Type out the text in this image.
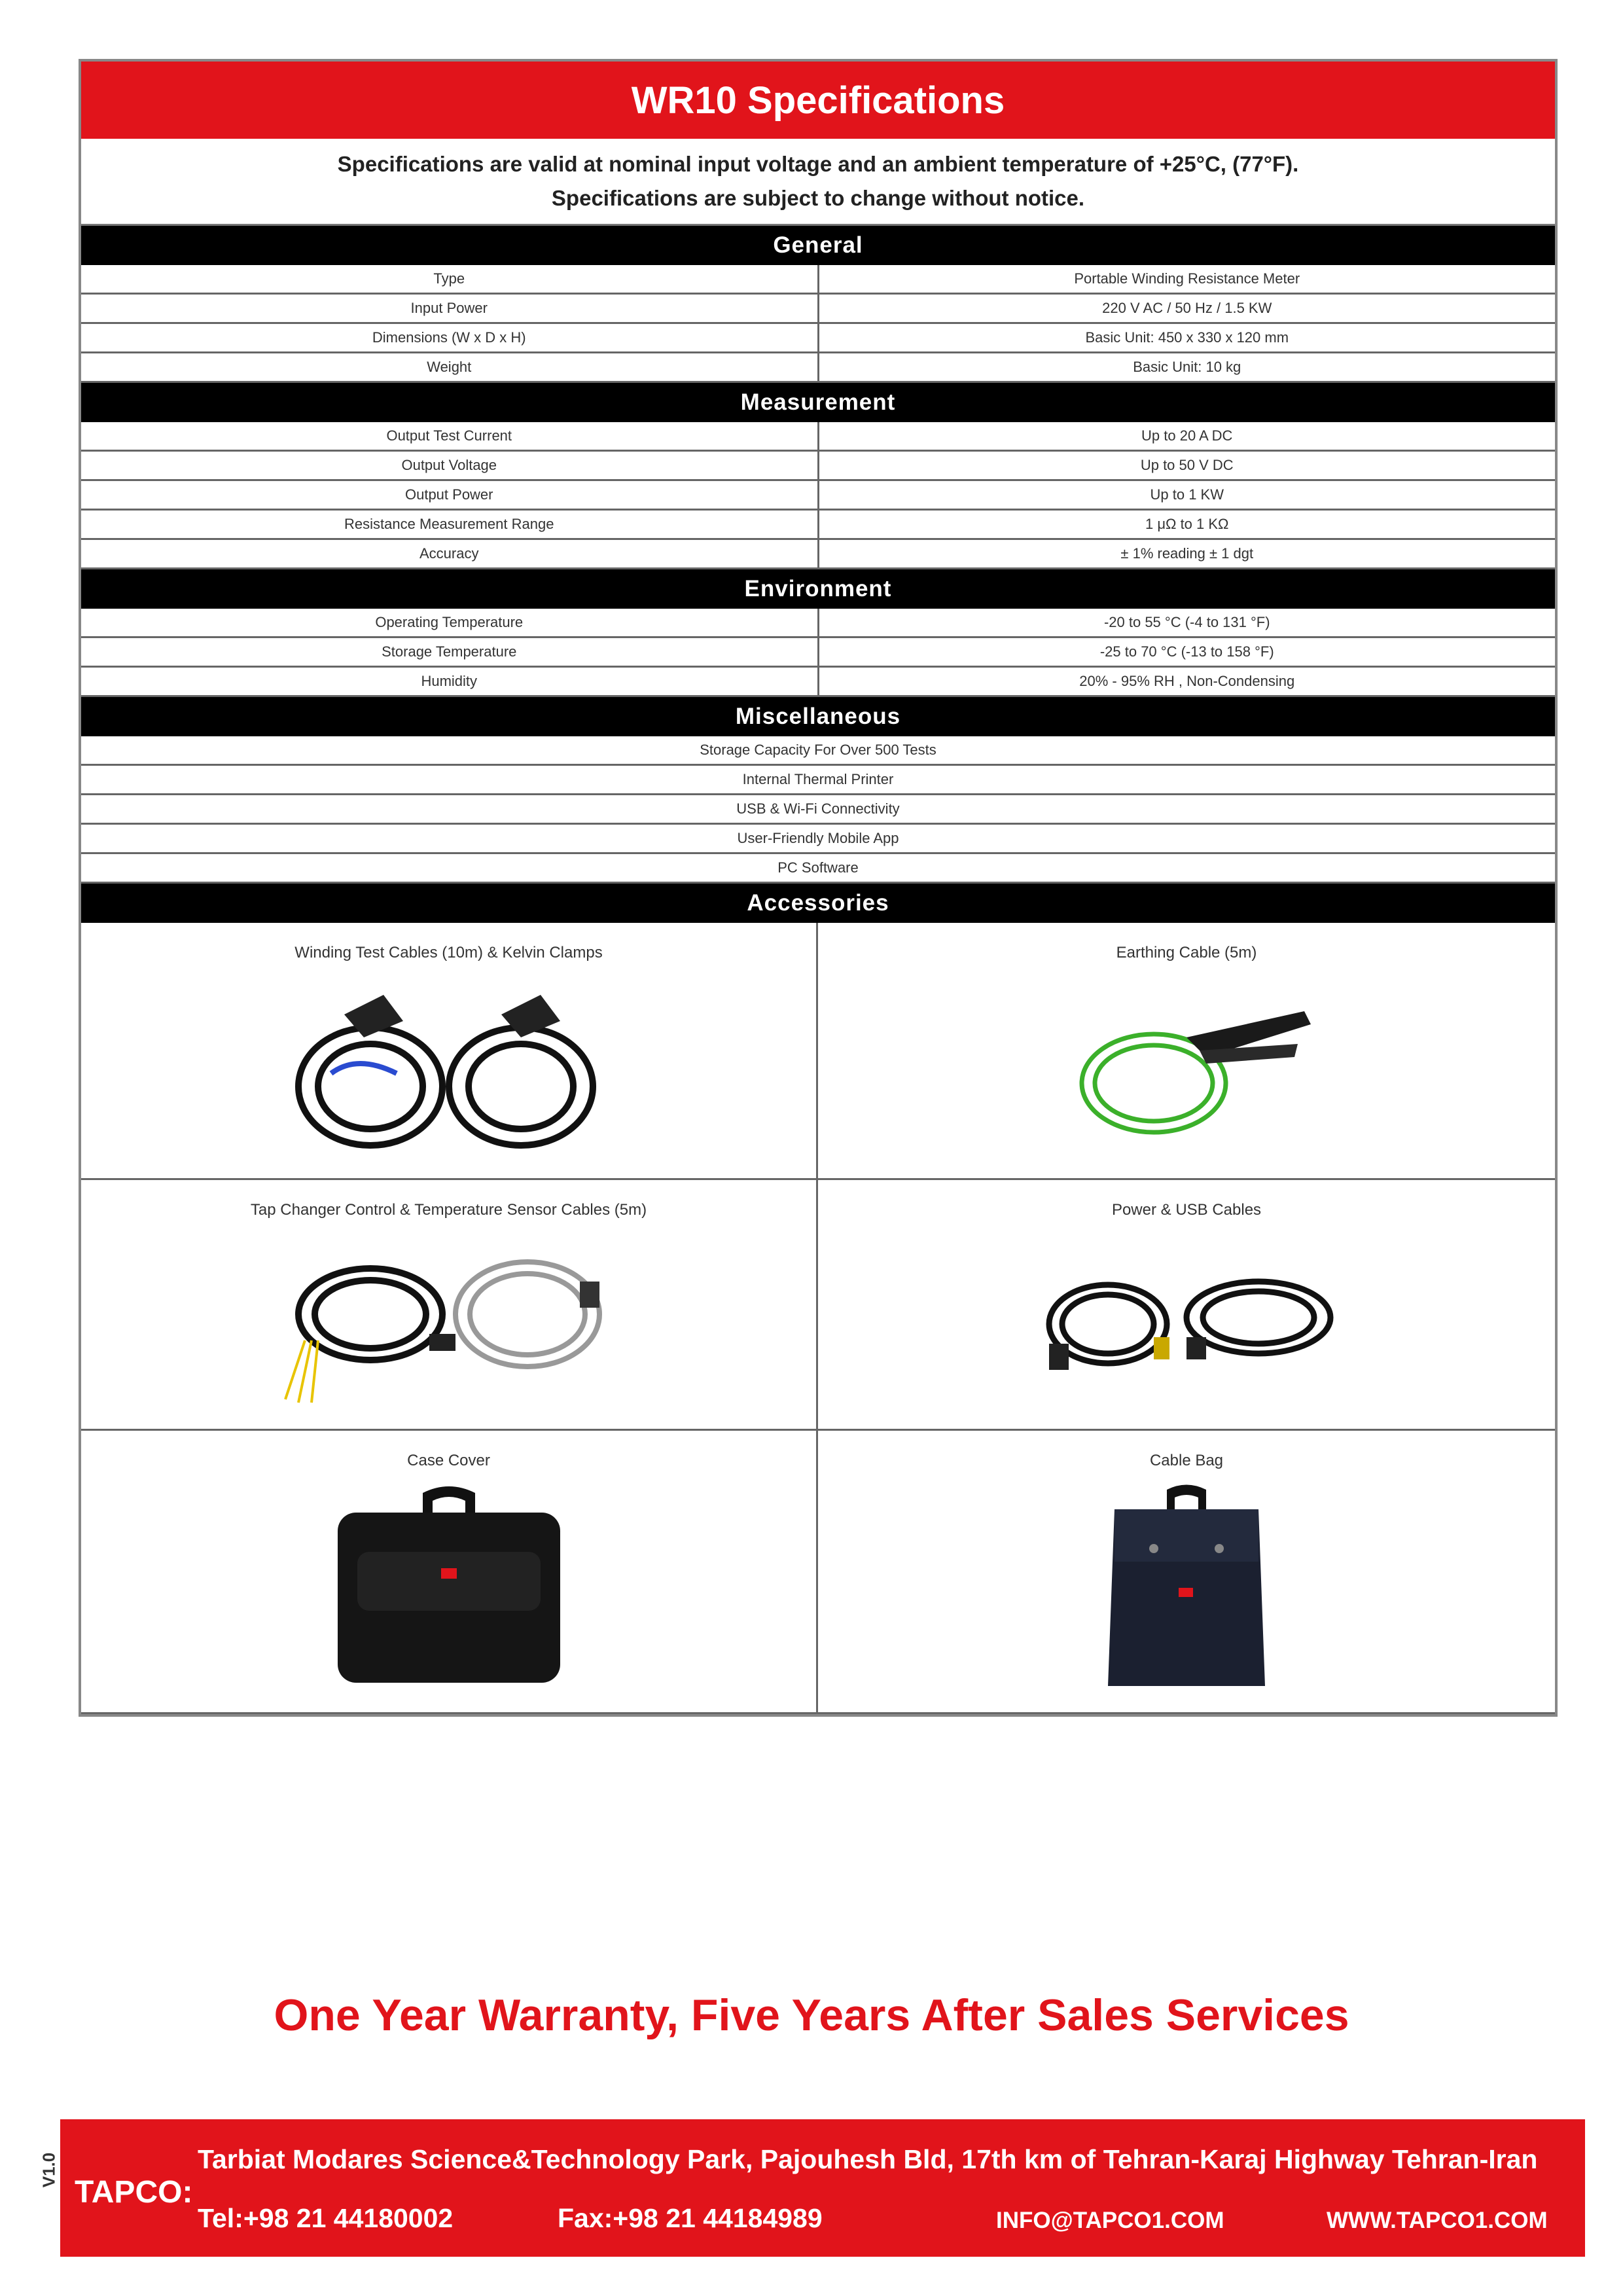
WR10 Specifications
Specifications are valid at nominal input voltage and an ambient temperature of +25°C, (77°F).
Specifications are subject to change without notice.
General
Type	Portable Winding Resistance Meter
Input Power	220 V AC / 50 Hz / 1.5 KW
Dimensions (W x D x H)	Basic Unit: 450 x 330 x 120 mm
Weight	Basic Unit: 10 kg
Measurement
Output Test Current	Up to 20 A DC
Output Voltage	Up to 50 V DC
Output Power	Up to 1 KW
Resistance Measurement Range	1 μΩ to 1 KΩ
Accuracy	± 1% reading ± 1 dgt
Environment
Operating Temperature	-20 to 55 °C (-4 to 131 °F)
Storage Temperature	-25 to 70 °C (-13 to 158 °F)
Humidity	20% - 95% RH , Non-Condensing
Miscellaneous
Storage Capacity For Over 500 Tests
Internal Thermal Printer
USB & Wi-Fi Connectivity
User-Friendly Mobile App
PC Software
Accessories
Winding Test Cables (10m) & Kelvin Clamps	Earthing Cable (5m)
Tap Changer Control & Temperature Sensor Cables (5m)	Power & USB Cables
Case Cover	Cable Bag
One Year Warranty, Five Years After Sales Services
V1.0
TAPCO:
Tarbiat Modares Science&Technology Park, Pajouhesh Bld, 17th km of Tehran-Karaj Highway Tehran-Iran
Tel:+98 21 44180002	Fax:+98 21 44184989	INFO@TAPCO1.COM	WWW.TAPCO1.COM
